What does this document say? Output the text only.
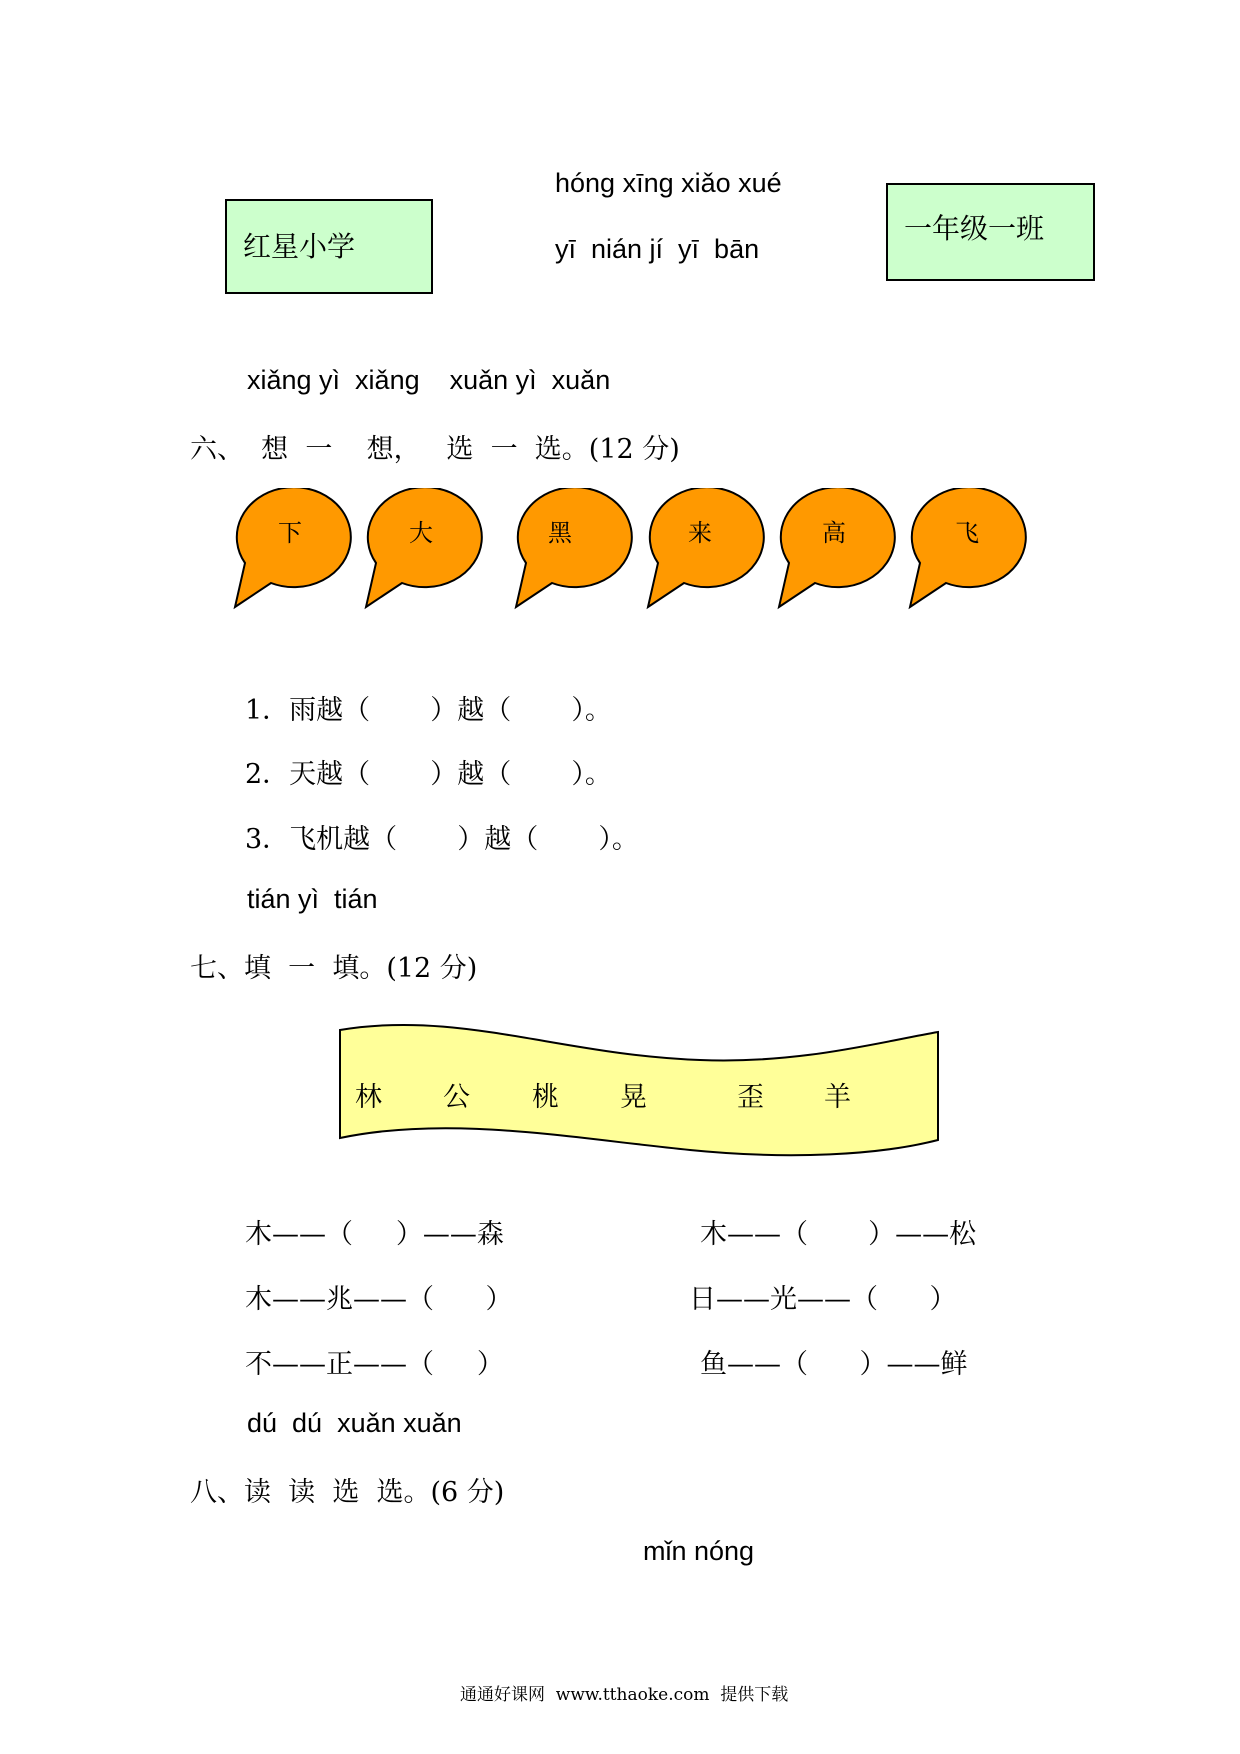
红星小学
一年级一班
hóng xīng xiǎo xué
yī  nián jí  yī  bān
xiǎng yì  xiǎng    xuǎn yì  xuǎn
六、  想  一    想，   选  一  选。(12 分)
下	大	黑	来	高	飞
1．雨越（       ）越（       ）。
2．天越（       ）越（       ）。
3．飞机越（       ）越（       ）。
tián yì  tián
七、填  一  填。(12 分)
林 公 桃 晃	歪 羊
木——（     ）——森
木——兆——（      ）
不——正——（     ）
木——（       ）——松
日——光——（      ）
鱼——（      ）——鲜
dú  dú  xuǎn xuǎn
八、读  读  选  选。(6 分)
mǐn nóng
通通好课网  www.tthaoke.com  提供下载
